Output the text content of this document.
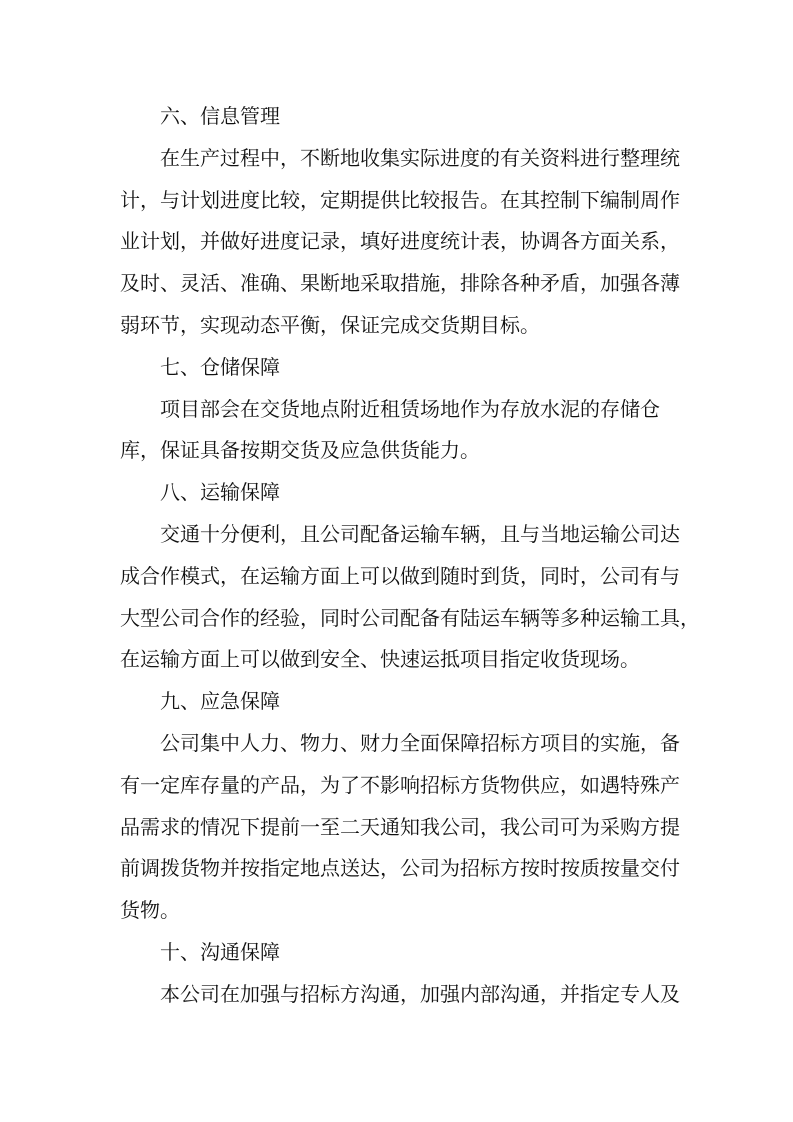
六、信息管理
在生产过程中，不断地收集实际进度的有关资料进行整理统
计，与计划进度比较，定期提供比较报告。在其控制下编制周作
业计划，并做好进度记录，填好进度统计表，协调各方面关系，
及时、灵活、准确、果断地采取措施，排除各种矛盾，加强各薄
弱环节，实现动态平衡，保证完成交货期目标。
七、仓储保障
项目部会在交货地点附近租赁场地作为存放水泥的存储仓
库，保证具备按期交货及应急供货能力。
八、运输保障
交通十分便利，且公司配备运输车辆，且与当地运输公司达
成合作模式，在运输方面上可以做到随时到货，同时，公司有与
大型公司合作的经验，同时公司配备有陆运车辆等多种运输工具，
在运输方面上可以做到安全、快速运抵项目指定收货现场。
九、应急保障
公司集中人力、物力、财力全面保障招标方项目的实施，备
有一定库存量的产品，为了不影响招标方货物供应，如遇特殊产
品需求的情况下提前一至二天通知我公司，我公司可为采购方提
前调拨货物并按指定地点送达，公司为招标方按时按质按量交付
货物。
十、沟通保障
本公司在加强与招标方沟通，加强内部沟通，并指定专人及
